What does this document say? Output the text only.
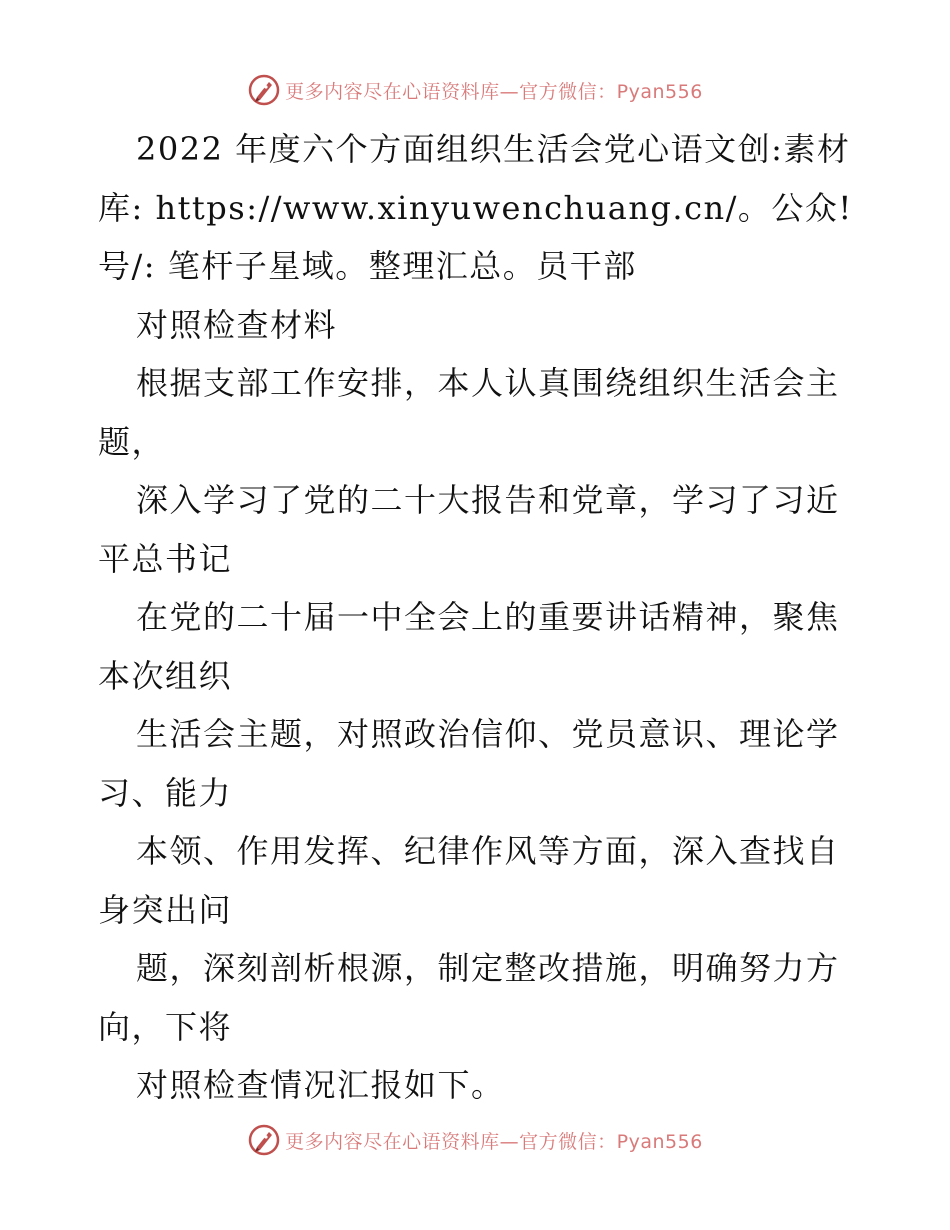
更多内容尽在心语资料库—官方微信：Pyan556
2022 年度六个方面组织生活会党心语文创:素材
库: https://www.xinyuwenchuang.cn/。公众!
号/: 笔杆子星域。整理汇总。员干部
对照检查材料
根据支部工作安排，本人认真围绕组织生活会主
题，
深入学习了党的二十大报告和党章，学习了习近
平总书记
在党的二十届一中全会上的重要讲话精神，聚焦
本次组织
生活会主题，对照政治信仰、党员意识、理论学
习、能力
本领、作用发挥、纪律作风等方面，深入查找自
身突出问
题，深刻剖析根源，制定整改措施，明确努力方
向，下将
对照检查情况汇报如下。
更多内容尽在心语资料库—官方微信：Pyan556
